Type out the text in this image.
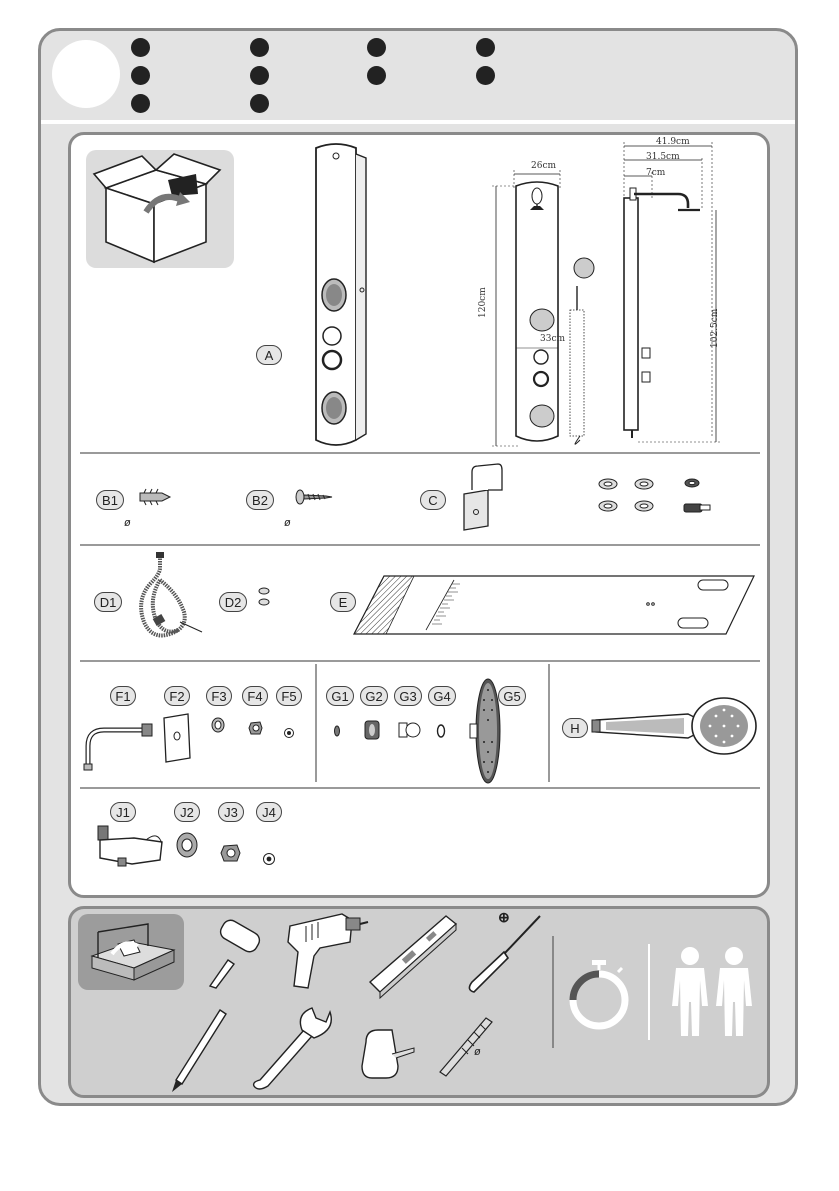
A
26cm
120cm
33cm
41.9cm
31.5cm
7cm
102.5cm
B1
ø
B2
ø
C
D1	D2	E
F1	F2	F3	F4	F5	G1	G2	G3	G4	G5
H
J1	J2	J3	J4
⊕
ø
